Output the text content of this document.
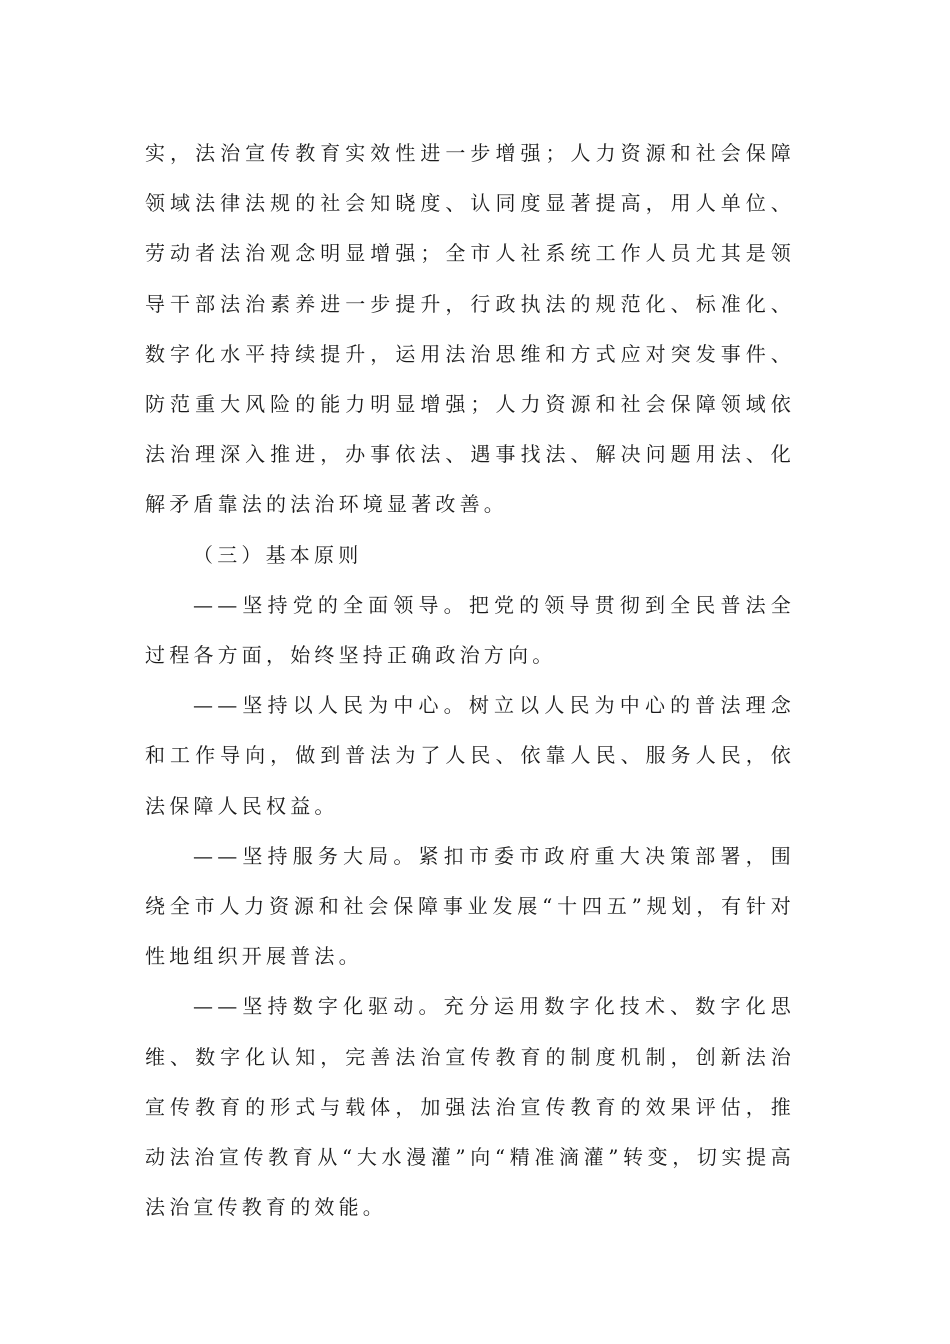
实，法治宣传教育实效性进一步增强；人力资源和社会保障领域法律法规的社会知晓度、认同度显著提高，用人单位、劳动者法治观念明显增强；全市人社系统工作人员尤其是领导干部法治素养进一步提升，行政执法的规范化、标准化、数字化水平持续提升，运用法治思维和方式应对突发事件、防范重大风险的能力明显增强；人力资源和社会保障领域依法治理深入推进，办事依法、遇事找法、解决问题用法、化解矛盾靠法的法治环境显著改善。

（三）基本原则

——坚持党的全面领导。把党的领导贯彻到全民普法全过程各方面，始终坚持正确政治方向。

——坚持以人民为中心。树立以人民为中心的普法理念和工作导向，做到普法为了人民、依靠人民、服务人民，依法保障人民权益。

——坚持服务大局。紧扣市委市政府重大决策部署，围绕全市人力资源和社会保障事业发展“十四五”规划，有针对性地组织开展普法。

——坚持数字化驱动。充分运用数字化技术、数字化思维、数字化认知，完善法治宣传教育的制度机制，创新法治宣传教育的形式与载体，加强法治宣传教育的效果评估，推动法治宣传教育从“大水漫灌”向“精准滴灌”转变，切实提高法治宣传教育的效能。
